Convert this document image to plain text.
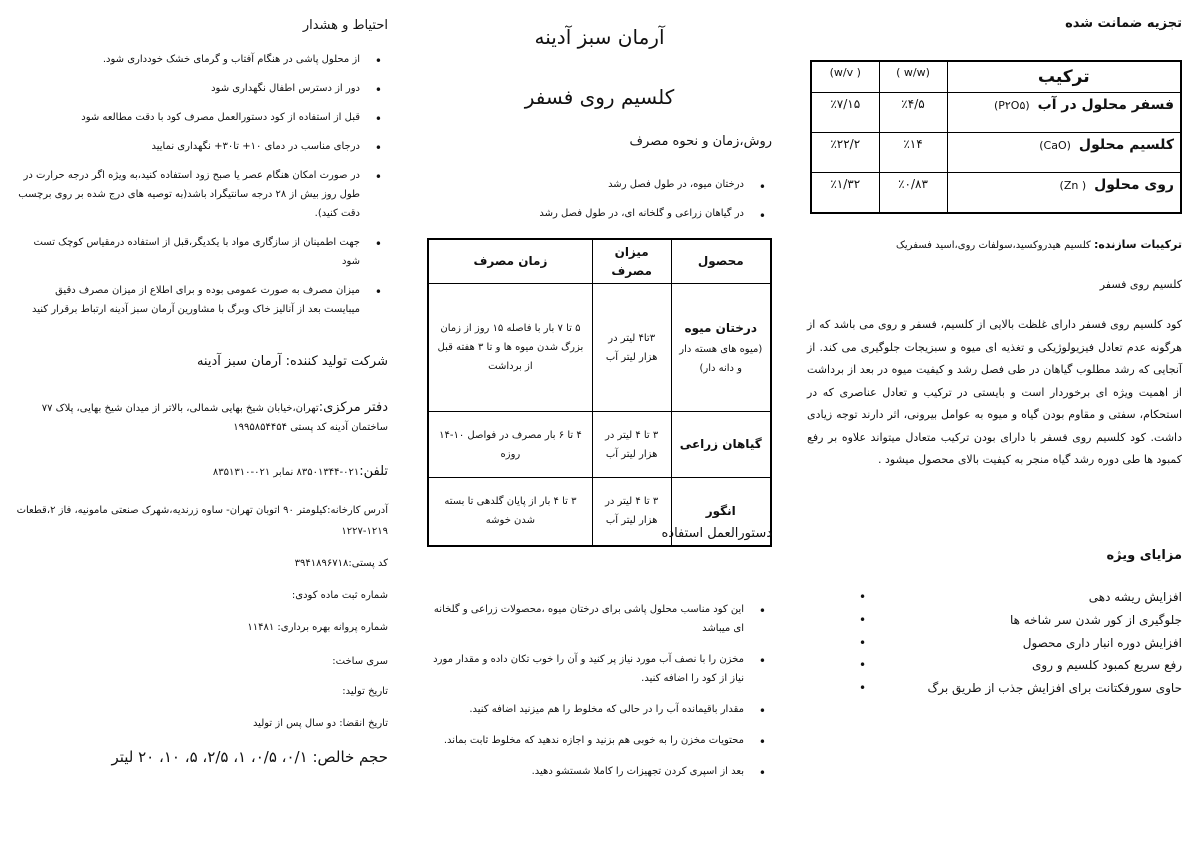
تجزیه ضمانت شده
ترکیب	(w/w )	( w/v)
فسفر محلول در آب(P۲O۵)	٪۴/۵	٪۷/۱۵
کلسیم محلول(CaO)	٪۱۴	٪۲۲/۲
روی محلول( Zn)	٪۰/۸۳	٪۱/۳۲
ترکیبات سازنده: کلسیم هیدروکسید،سولفات روی،اسید فسفریک
کلسیم روی فسفر

کود کلسیم روی فسفر دارای غلظت بالایی از کلسیم، فسفر و روی می باشد که از هرگونه عدم تعادل فیزیولوژیکی و تغذیه ای میوه و سبزیجات جلوگیری می کند. از آنجایی که رشد مطلوب گیاهان در طی فصل رشد و کیفیت میوه در بعد از برداشت از اهمیت ویژه ای برخوردار است و بایستی در ترکیب و تعادل عناصری که در استحکام، سفتی و مقاوم بودن گیاه و میوه به عوامل بیرونی، اثر دارند توجه زیادی داشت. کود کلسیم روی فسفر با دارای بودن ترکیب متعادل میتواند علاوه بر رفع کمبود ها طی دوره رشد گیاه منجر به کیفیت بالای محصول میشود .

مزایای ویژه
افزایش ریشه دهی •
جلوگیری از کور شدن سر شاخه ها •
افزایش دوره انبار داری محصول •
رفع سریع کمبود کلسیم و روی •
حاوی سورفکتانت برای افزایش جذب از طریق برگ •
آرمان سبز آدینه
کلسیم روی فسفر
روش،زمان و نحوه مصرف
• درختان میوه، در طول فصل رشد
• در گیاهان زراعی و گلخانه ای، در طول فصل رشد
محصول	میزان مصرف	زمان مصرف
درختان میوه
(میوه های هسته دار و دانه دار)	۳تا۴ لیتر در هزار لیتر آب	۵ تا ۷ بار با فاصله ۱۵ روز از زمان بزرگ شدن میوه ها و تا ۳ هفته قبل از برداشت
گیاهان زراعی	۳ تا ۴ لیتر در هزار لیتر آب	۴ تا ۶ بار مصرف در فواصل ۱۰-۱۴ روزه
انگور	۳ تا ۴ لیتر در هزار لیتر آب	۳ تا ۴ بار از پایان گلدهی تا بسته شدن خوشه
دستورالعمل استفاده
• این کود مناسب محلول پاشی برای درختان میوه ،محصولات زراعی و گلخانه ای میباشد
• مخزن را با نصف آب مورد نیاز پر کنید و آن را خوب تکان داده و مقدار مورد نیاز از کود را اضافه کنید.
• مقدار باقیمانده آب را در حالی که مخلوط را هم میزنید اضافه کنید.
• محتویات مخزن را به خوبی هم بزنید و اجازه ندهید که مخلوط ثابت بماند.
• بعد از اسپری کردن تجهیزات را کاملا شستشو دهید.
احتیاط و هشدار
• از محلول پاشی در هنگام آفتاب و گرمای خشک خودداری شود.
• دور از دسترس اطفال نگهداری شود
• قبل از استفاده از کود دستورالعمل مصرف کود با دقت مطالعه شود
• درجای مناسب در دمای ۱۰+ تا۳۰+ نگهداری نمایید
• در صورت امکان هنگام عصر یا صبح زود استفاده کنید،به ویژه اگر درجه حرارت در طول روز بیش از ۲۸ درجه سانتیگراد باشد(به توصیه های درج شده بر روی برچسب دقت کنید).
• جهت اطمینان از سازگاری مواد با یکدیگر،قبل از استفاده درمقیاس کوچک تست شود
• میزان مصرف به صورت عمومی بوده و برای اطلاع از میزان مصرف دقیق میبایست بعد از آنالیز خاک وبرگ با مشاورین آرمان سبز آدینه ارتباط برقرار کنید
شرکت تولید کننده: آرمان سبز آدینه
دفتر مرکزی:تهران،خیابان شیخ بهایی شمالی، بالاتر از میدان شیخ بهایی، پلاک ۷۷
ساختمان آدینه کد پستی ۱۹۹۵۸۵۴۴۵۴
تلفن:۰۲۱-۸۳۵۰۱۳۴۴ نمابر ۰۲۱-۸۳۵۱۳۱۰
آدرس کارخانه:کیلومتر ۹۰ اتوبان تهران- ساوه زرندیه،شهرک صنعتی مامونیه، فاز ۲،قطعات ۱۲۱۹-۱۲۲۷
کد پستی:۳۹۴۱۸۹۶۷۱۸
شماره ثبت ماده کودی:
شماره پروانه بهره برداری: ۱۱۴۸۱
سری ساخت:
تاریخ تولید:
تاریخ انقضا: دو سال پس از تولید
حجم خالص: ۰/۱، ۰/۵، ۱، ۲/۵، ۵، ۱۰، ۲۰ لیتر
